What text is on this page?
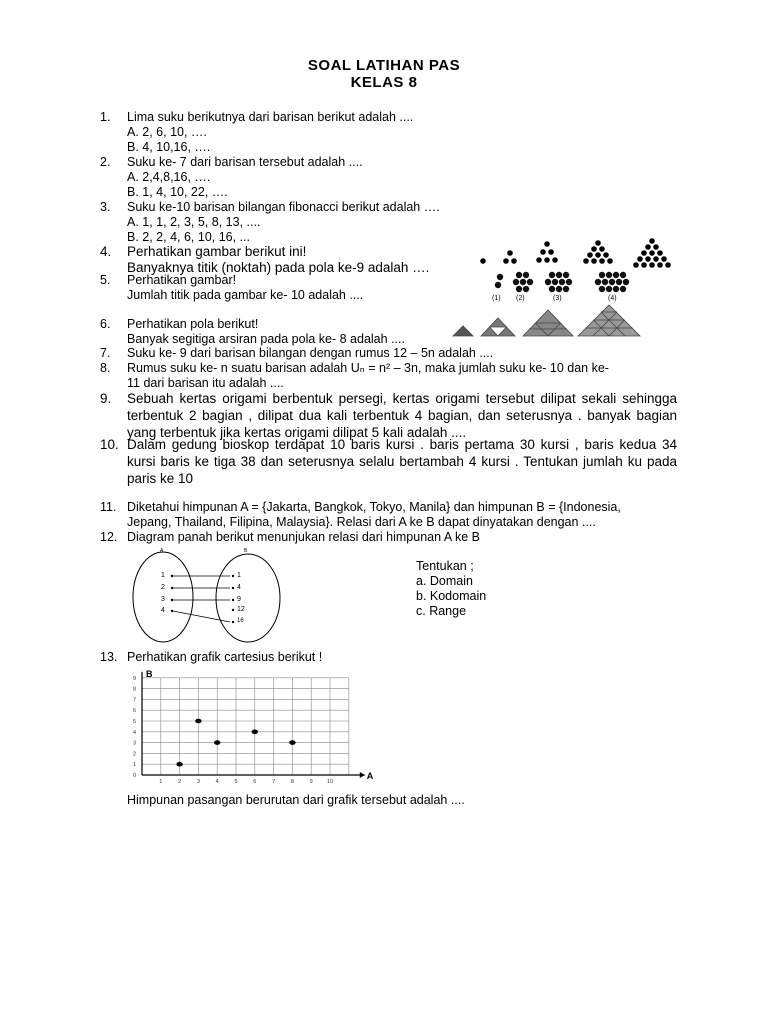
SOAL LATIHAN PAS
KELAS 8
1. Lima suku berikutnya dari barisan berikut adalah ....
A. 2, 6, 10, ….
B. 4, 10,16, ….
2. Suku ke- 7 dari barisan tersebut adalah ....
A. 2,4,8,16, ….
B. 1, 4, 10, 22, ….
3. Suku ke-10 barisan bilangan fibonacci berikut adalah ….
A. 1, 1, 2, 3, 5, 8, 13, ....
B. 2, 2, 4, 6, 10, 16, ...
4. Perhatikan gambar berikut ini!
Banyaknya titik (noktah) pada pola ke-9 adalah ….
5. Perhatikan gambar!
Jumlah titik pada gambar ke- 10 adalah ....
6. Perhatikan pola berikut!
Banyak segitiga arsiran pada pola ke- 8 adalah ....
7. Suku ke- 9 dari barisan bilangan dengan rumus 12 – 5n adalah ....
8. Rumus suku ke- n suatu barisan adalah Uₙ = n² – 3n, maka jumlah suku ke- 10 dan ke-
11 dari barisan itu adalah ....
9. Sebuah kertas origami berbentuk persegi, kertas origami tersebut dilipat sekali sehingga terbentuk 2 bagian , dilipat dua kali terbentuk 4 bagian, dan seterusnya . banyak bagian yang terbentuk jika kertas origami dilipat 5 kali adalah ....
10. Dalam gedung bioskop terdapat 10 baris kursi . baris pertama 30 kursi , baris kedua 34 kursi baris ke tiga 38 dan seterusnya selalu bertambah 4 kursi . Tentukan jumlah ku pada paris ke 10
11. Diketahui himpunan A = {Jakarta, Bangkok, Tokyo, Manila} dan himpunan B = {Indonesia,
Jepang, Thailand, Filipina, Malaysia}. Relasi dari A ke B dapat dinyatakan dengan ....
12. Diagram panah berikut menunjukan relasi dari himpunan A ke B
Tentukan ;
a. Domain
b. Kodomain
c. Range
13. Perhatikan grafik cartesius berikut !
Himpunan pasangan berurutan dari grafik tersebut adalah ....
(1) (2)	(3)	(4)
A	B
1
2
3
4
1
4
9
12
16
1	2	3	4	5	6	7	8	9	10
0
1
2
3
4
5
6
7
8
9
A
B
